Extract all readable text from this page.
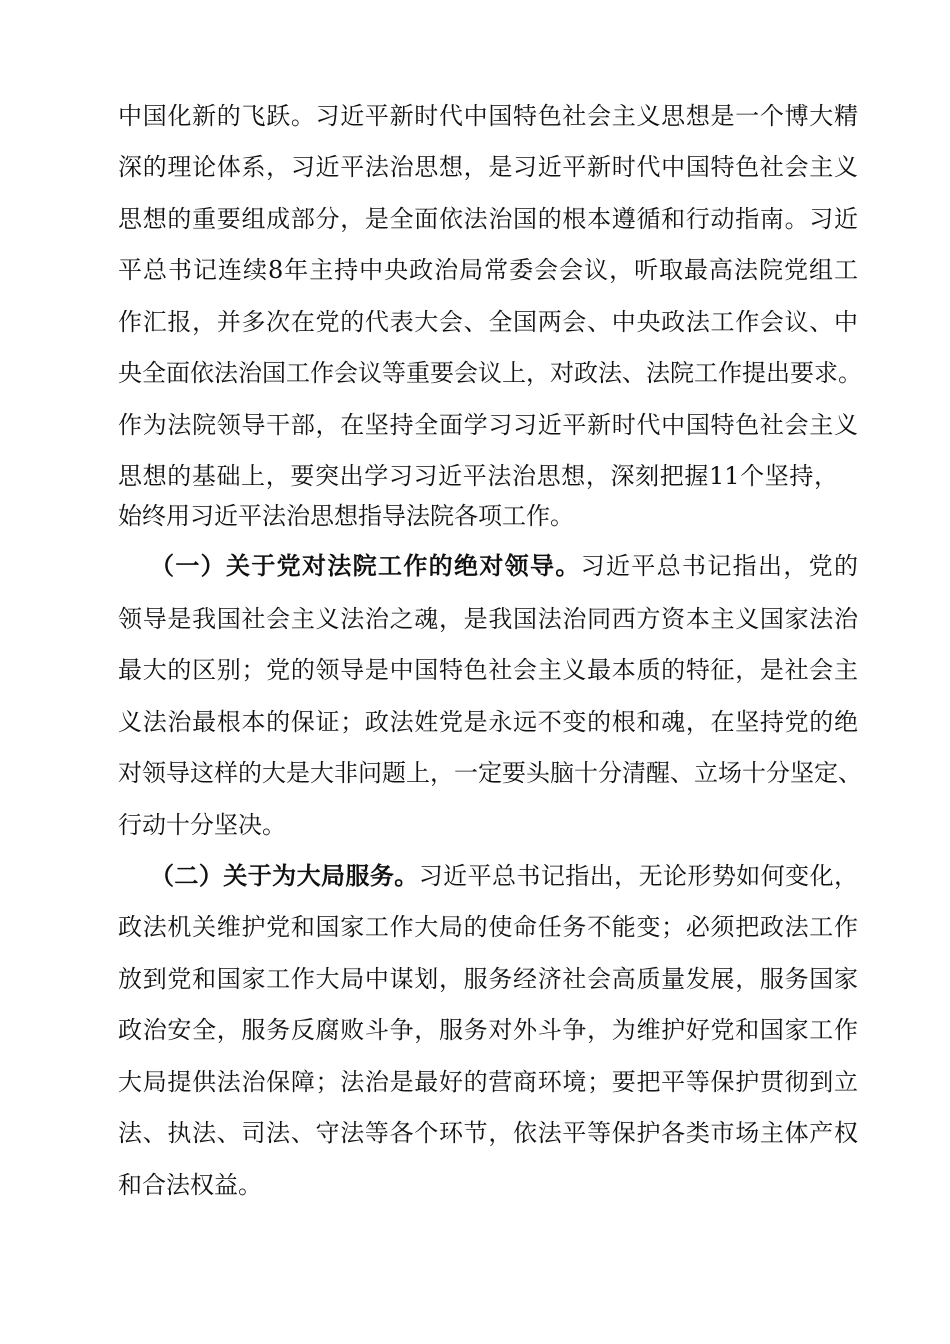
中国化新的飞跃。习近平新时代中国特色社会主义思想是一个博大精
深的理论体系，习近平法治思想，是习近平新时代中国特色社会主义
思想的重要组成部分，是全面依法治国的根本遵循和行动指南。习近
平总书记连续8年主持中央政治局常委会会议，听取最高法院党组工
作汇报，并多次在党的代表大会、全国两会、中央政法工作会议、中
央全面依法治国工作会议等重要会议上，对政法、法院工作提出要求。
作为法院领导干部，在坚持全面学习习近平新时代中国特色社会主义
思想的基础上，要突出学习习近平法治思想，深刻把握11个坚持，
始终用习近平法治思想指导法院各项工作。
（一）关于党对法院工作的绝对领导。习近平总书记指出，党的
领导是我国社会主义法治之魂，是我国法治同西方资本主义国家法治
最大的区别；党的领导是中国特色社会主义最本质的特征，是社会主
义法治最根本的保证；政法姓党是永远不变的根和魂，在坚持党的绝
对领导这样的大是大非问题上，一定要头脑十分清醒、立场十分坚定、
行动十分坚决。
（二）关于为大局服务。习近平总书记指出，无论形势如何变化，
政法机关维护党和国家工作大局的使命任务不能变；必须把政法工作
放到党和国家工作大局中谋划，服务经济社会高质量发展，服务国家
政治安全，服务反腐败斗争，服务对外斗争，为维护好党和国家工作
大局提供法治保障；法治是最好的营商环境；要把平等保护贯彻到立
法、执法、司法、守法等各个环节，依法平等保护各类市场主体产权
和合法权益。
